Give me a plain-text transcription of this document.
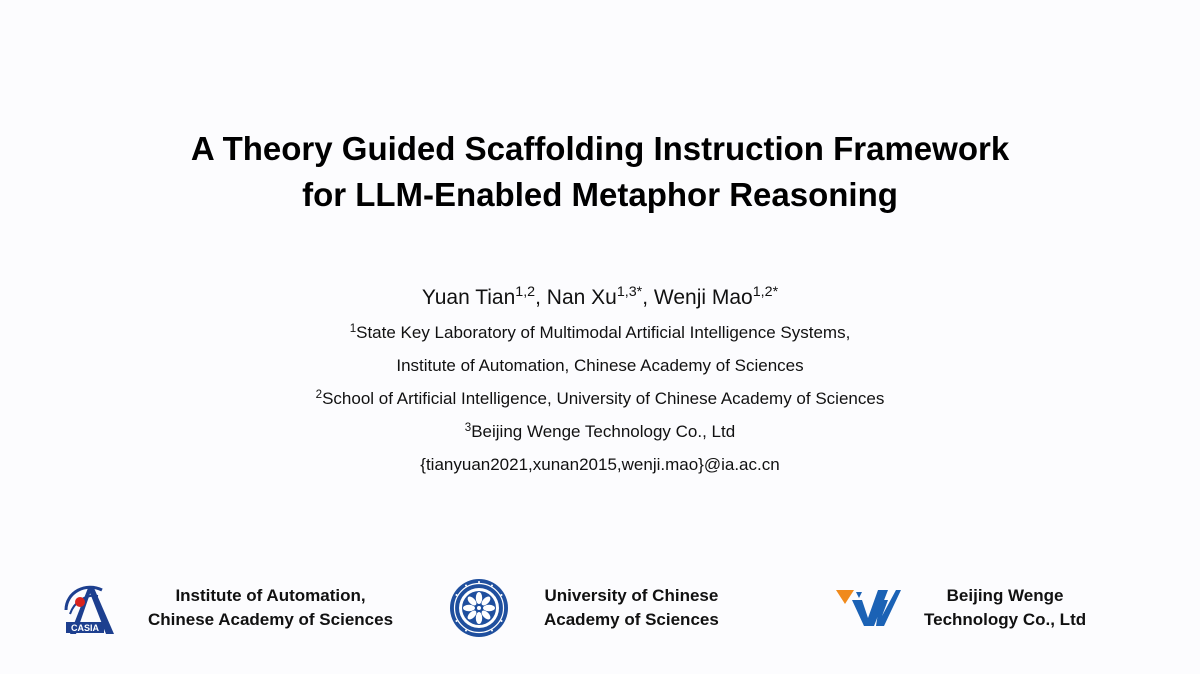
A Theory Guided Scaffolding Instruction Framework
for LLM-Enabled Metaphor Reasoning
Yuan Tian$^{1,2}$, Nan $Xu^{1,3*}$, Wenji Mao$^{1,2*}$
$^1$State Key Laboratory of Multimodal Artificial Intelligence Systems,
Institute of Automation, Chinese Academy of Sciences
$^2$School of Artificial Intelligence, University of Chinese Academy of Sciences
$^3$Beijing Wenge Technology Co., Ltd
{tianyuan2021,xunan2015,wenji.mao}@ia.ac.cn
CASIA
Institute of Automation,
Chinese Academy of Sciences
University of Chinese
Academy of Sciences
Beijing Wenge
Technology Co., Ltd
